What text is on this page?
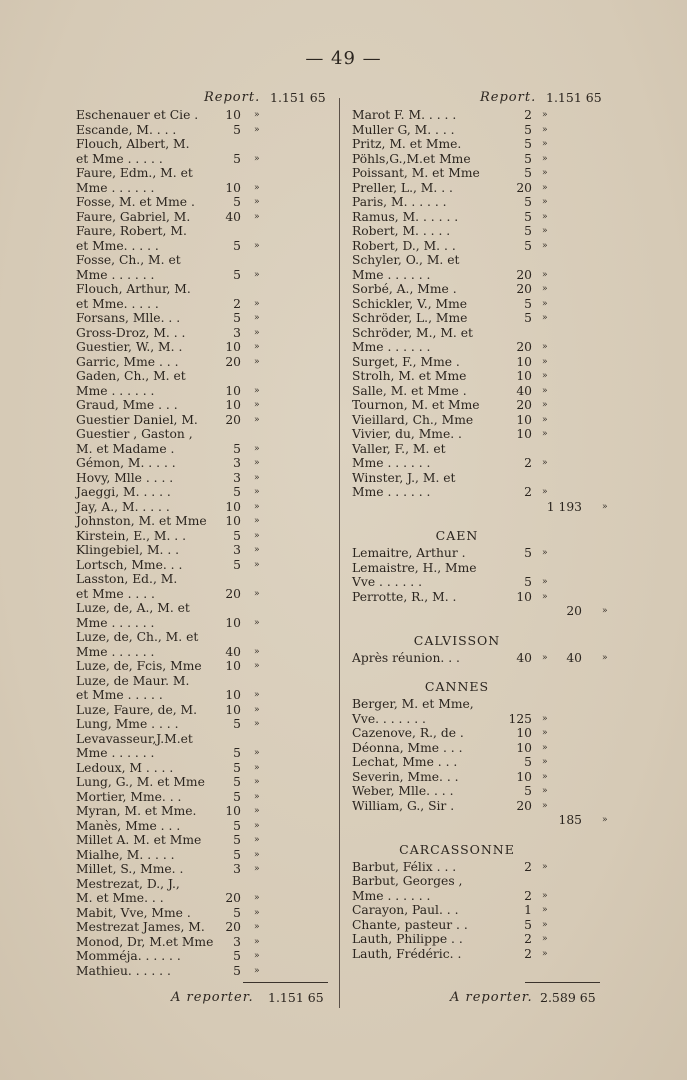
— 49 —
Report. 1.151 65
Eschenauer et Cie .	10 »
Escande, M. . . .	5 »
Flouch, Albert, M.
et Mme . . . . .	5 »
Faure, Edm., M. et
Mme . . . . . .	10 »
Fosse, M. et Mme .	5 »
Faure, Gabriel, M.	40 »
Faure, Robert, M.
et Mme. . . . .	5 »
Fosse, Ch., M. et
Mme . . . . . .	5 »
Flouch, Arthur, M.
et Mme. . . . .	2 »
Forsans, Mlle. . .	5 »
Gross-Droz, M. . .	3 »
Guestier, W., M. .	10 »
Garric, Mme . . .	20 »
Gaden, Ch., M. et
Mme . . . . . .	10 »
Graud, Mme . . .	10 »
Guestier Daniel, M.	20 »
Guestier , Gaston ,
M. et Madame .	5 »
Gémon, M. . . . .	3 »
Hovy, Mlle . . . .	3 »
Jaeggi, M. . . . .	5 »
Jay, A., M. . . . .	10 »
Johnston, M. et Mme	10 »
Kirstein, E., M. . .	5 »
Klingebiel, M. . .	3 »
Lortsch, Mme. . .	5 »
Lasston, Ed., M.
et Mme . . . .	20 »
Luze, de, A., M. et
Mme . . . . . .	10 »
Luze, de, Ch., M. et
Mme . . . . . .	40 »
Luze, de, Fcis, Mme	10 »
Luze, de Maur. M.
et Mme . . . . .	10 »
Luze, Faure, de, M.	10 »
Lung, Mme . . . .	5 »
Levavasseur,J.M.et
Mme . . . . . .	5 »
Ledoux, M . . . .	5 »
Lung, G., M. et Mme	5 »
Mortier, Mme. . .	5 »
Myran, M. et Mme.	10 »
Manès, Mme . . .	5 »
Millet A. M. et Mme	5 »
Mialhe, M. . . . .	5 »
Millet, S., Mme. .	3 »
Mestrezat, D., J.,
M. et Mme. . .	20 »
Mabit, Vve, Mme .	5 »
Mestrezat James, M.	20 »
Monod, Dr, M.et Mme	3 »
Momméja. . . . . .	5 »
Mathieu. . . . . .	5 »
Report. 1.151 65
Marot F. M. . . . .	2 »
Muller G, M. . . .	5 »
Pritz, M. et Mme.	5 »
Pöhls,G.,M.et Mme	5 »
Poissant, M. et Mme	5 »
Preller, L., M. . .	20 »
Paris, M. . . . . .	5 »
Ramus, M. . . . . .	5 »
Robert, M. . . . .	5 »
Robert, D., M. . .	5 »
Schyler, O., M. et
Mme . . . . . .	20 »
Sorbé, A., Mme .	20 »
Schickler, V., Mme	5 »
Schröder, L., Mme	5 »
Schröder, M., M. et
Mme . . . . . .	20 »
Surget, F., Mme .	10 »
Strolh, M. et Mme	10 »
Salle, M. et Mme .	40 »
Tournon, M. et Mme	20 »
Vieillard, Ch., Mme	10 »
Vivier, du, Mme. .	10 »
Valler, F., M. et
Mme . . . . . .	2 »
Winster, J., M. et
Mme . . . . . .	2 »
1 193 »
CAEN
Lemaitre, Arthur .	5 »
Lemaistre, H., Mme
Vve . . . . . .	5 »
Perrotte, R., M. .	10 »
20 »
CALVISSON
Après réunion. . .	40 »	40 »
CANNES
Berger, M. et Mme,
Vve. . . . . . .	125 »
Cazenove, R., de .	10 »
Déonna, Mme . . .	10 »
Lechat, Mme . . .	5 »
Severin, Mme. . .	10 »
Weber, Mlle. . . .	5 »
William, G., Sir .	20 »
185 »
CARCASSONNE
Barbut, Félix . . .	2 »
Barbut, Georges ,
Mme . . . . . .	2 »
Carayon, Paul. . .	1 »
Chante, pasteur . .	5 »
Lauth, Philippe . .	2 »
Lauth, Frédéric. .	2 »
A reporter. 1.151 65	A reporter. 2.589 65
